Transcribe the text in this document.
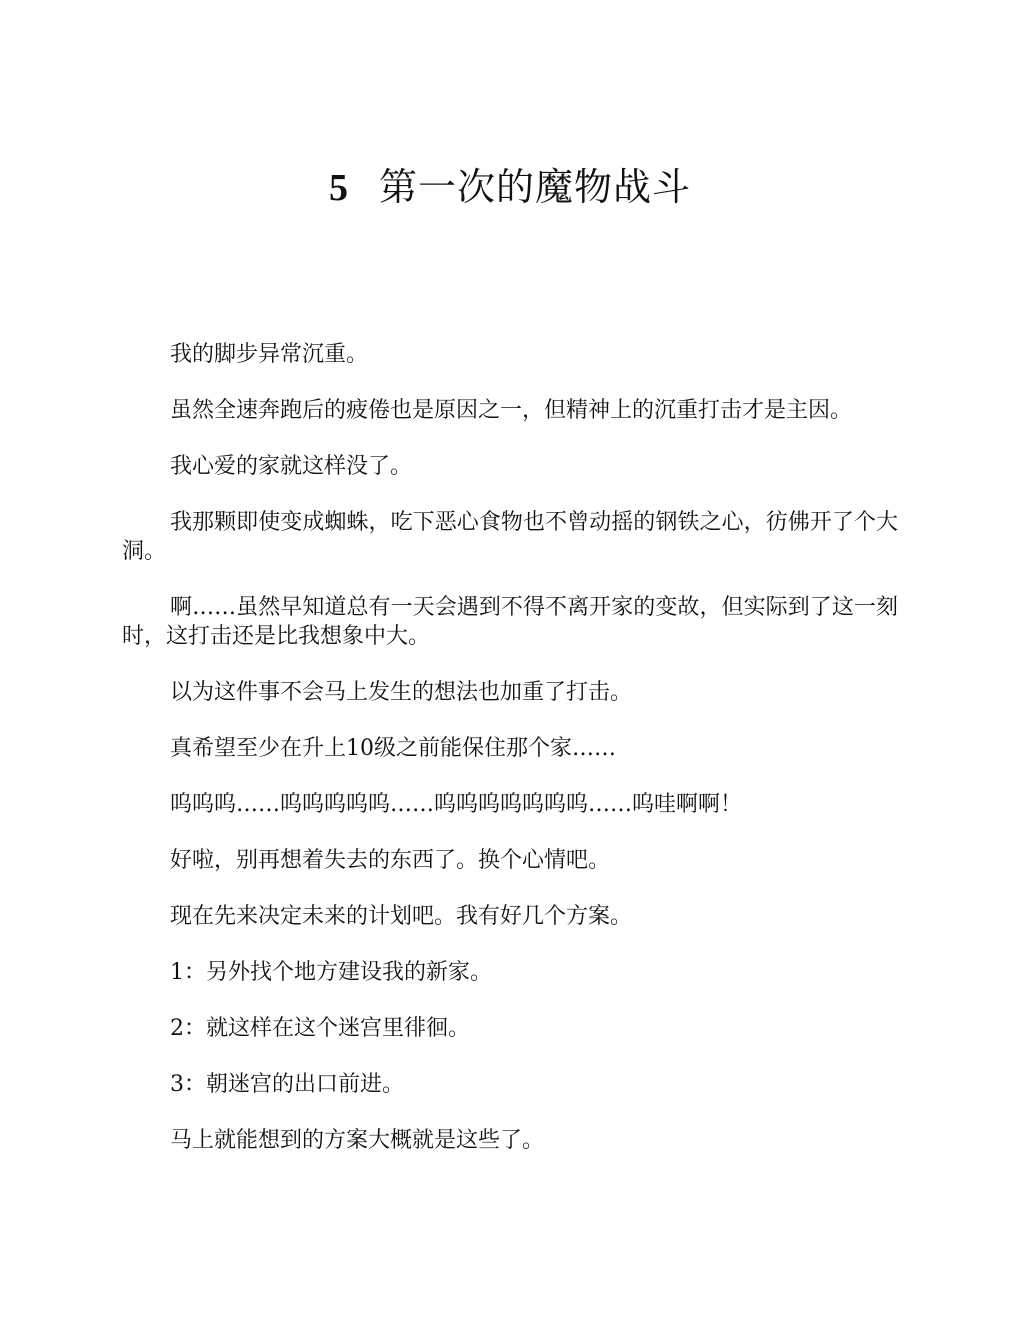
5 第一次的魔物战斗

我的脚步异常沉重。

虽然全速奔跑后的疲倦也是原因之一，但精神上的沉重打击才是主因。

我心爱的家就这样没了。

我那颗即使变成蜘蛛，吃下恶心食物也不曾动摇的钢铁之心，彷佛开了个大洞。

啊……虽然早知道总有一天会遇到不得不离开家的变故，但实际到了这一刻时，这打击还是比我想象中大。

以为这件事不会马上发生的想法也加重了打击。

真希望至少在升上10级之前能保住那个家……

呜呜呜……呜呜呜呜呜……呜呜呜呜呜呜呜……呜哇啊啊！

好啦，别再想着失去的东西了。换个心情吧。

现在先来决定未来的计划吧。我有好几个方案。

1：另外找个地方建设我的新家。

2：就这样在这个迷宫里徘徊。

3：朝迷宫的出口前进。

马上就能想到的方案大概就是这些了。
